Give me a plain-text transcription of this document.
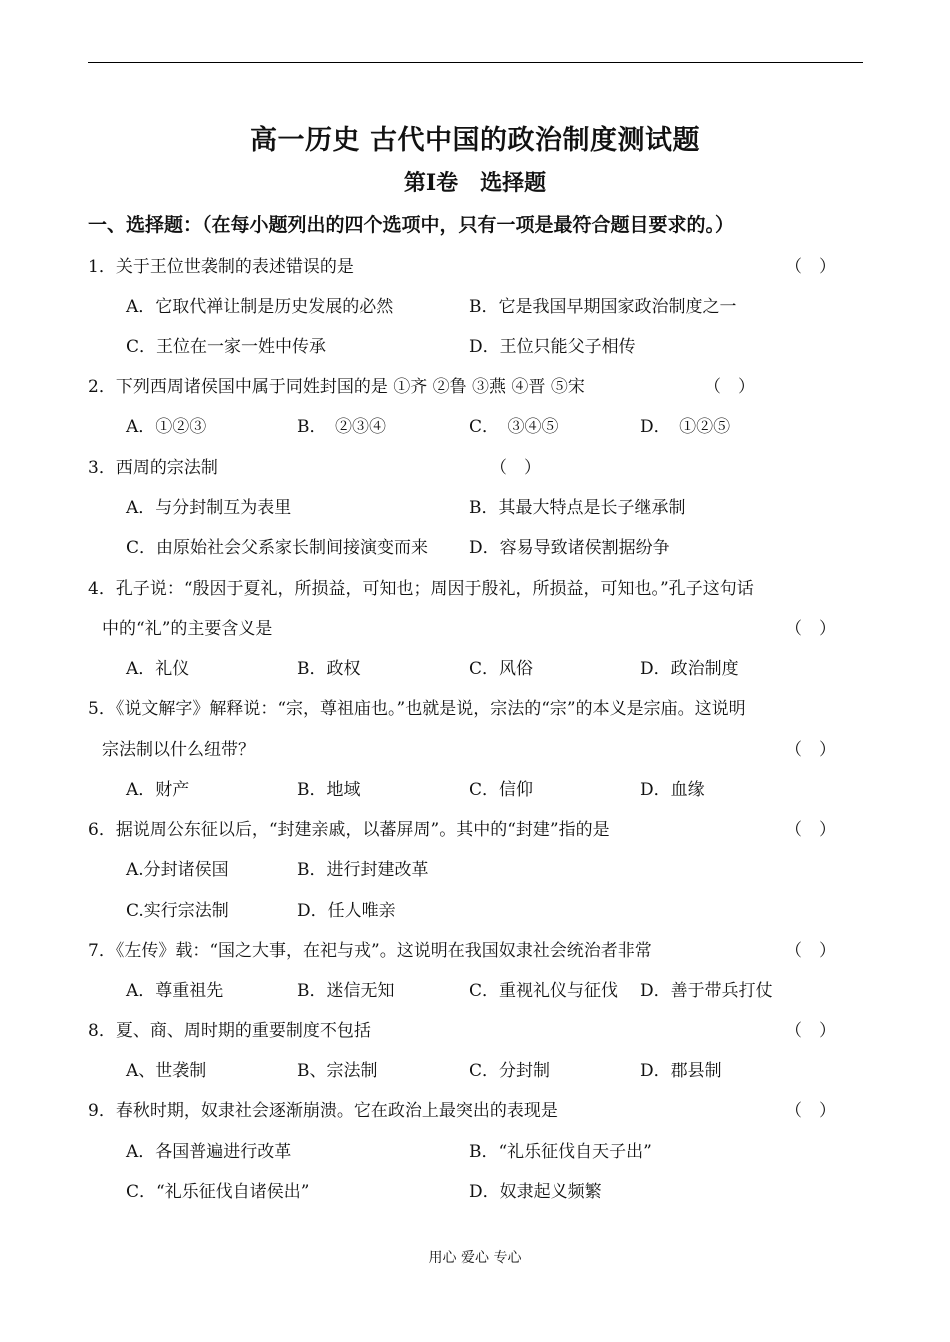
高一历史 古代中国的政治制度测试题
第Ⅰ卷　选择题
一、选择题：（在每小题列出的四个选项中，只有一项是最符合题目要求的。）
1．关于王位世袭制的表述错误的是	（　）
A．它取代禅让制是历史发展的必然	B．它是我国早期国家政治制度之一
C．王位在一家一姓中传承	D．王位只能父子相传
2．下列西周诸侯国中属于同姓封国的是 ①齐 ②鲁 ③燕 ④晋 ⑤宋	（　）
A．①②③	B．　②③④	C．　③④⑤	D．　①②⑤
3．西周的宗法制	（　）
A．与分封制互为表里	B．其最大特点是长子继承制
C．由原始社会父系家长制间接演变而来 D．容易导致诸侯割据纷争
4．孔子说：“殷因于夏礼，所损益，可知也；周因于殷礼，所损益，可知也。”孔子这句话
中的“礼”的主要含义是	（　）
A．礼仪	B．政权	C．风俗	D．政治制度
5．《说文解字》解释说：“宗，尊祖庙也。”也就是说，宗法的“宗”的本义是宗庙。这说明
宗法制以什么纽带？	（　）
A．财产	B．地域	C．信仰	D．血缘
6．据说周公东征以后，“封建亲戚，以蕃屏周”。其中的“封建”指的是	（　）
A.分封诸侯国	B．进行封建改革
C.实行宗法制	D．任人唯亲
7．《左传》载：“国之大事，在祀与戎”。这说明在我国奴隶社会统治者非常	（　）
A．尊重祖先	B．迷信无知	C．重视礼仪与征伐 D．善于带兵打仗
8．夏、商、周时期的重要制度不包括	（　）
A、世袭制	B、宗法制	C．分封制	D．郡县制
9．春秋时期，奴隶社会逐渐崩溃。它在政治上最突出的表现是	（　）
A．各国普遍进行改革	B．“礼乐征伐自天子出”
C．“礼乐征伐自诸侯出”	D．奴隶起义频繁
用心 爱心 专心
